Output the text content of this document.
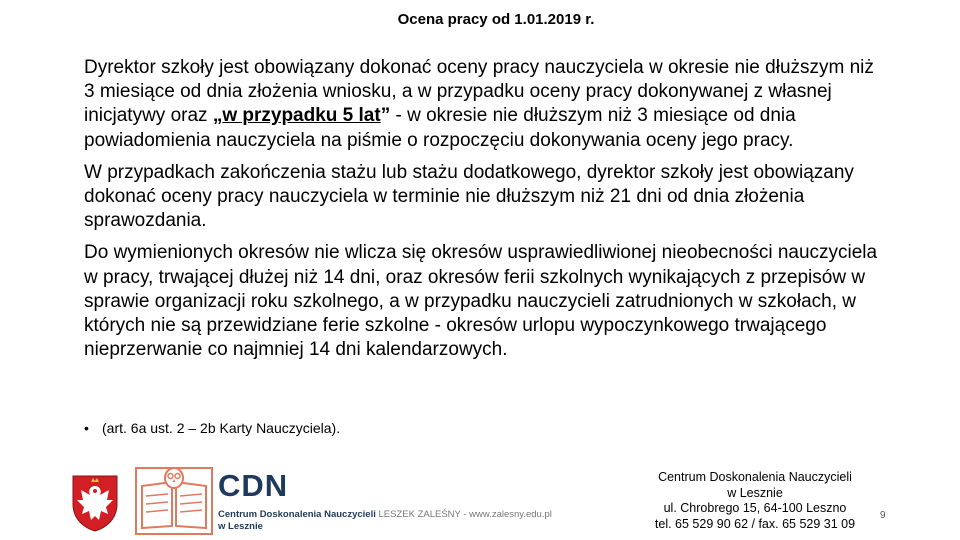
Ocena pracy od 1.01.2019 r.

Dyrektor szkoły jest obowiązany dokonać oceny pracy nauczyciela w okresie nie dłuższym niż 3 miesiące od dnia złożenia wniosku, a w przypadku oceny pracy dokonywanej z własnej inicjatywy oraz „w przypadku 5 lat” - w okresie nie dłuższym niż 3 miesiące od dnia powiadomienia nauczyciela na piśmie o rozpoczęciu dokonywania oceny jego pracy.

W przypadkach zakończenia stażu lub stażu dodatkowego, dyrektor szkoły jest obowiązany dokonać oceny pracy nauczyciela w terminie nie dłuższym niż 21 dni od dnia złożenia sprawozdania.

Do wymienionych okresów nie wlicza się okresów usprawiedliwionej nieobecności nauczyciela w pracy, trwającej dłużej niż 14 dni, oraz okresów ferii szkolnych wynikających z przepisów w sprawie organizacji roku szkolnego, a w przypadku nauczycieli zatrudnionych w szkołach, w których nie są przewidziane ferie szkolne - okresów urlopu wypoczynkowego trwającego nieprzerwanie co najmniej 14 dni kalendarzowych.

• (art. 6a ust. 2 – 2b Karty Nauczyciela).
CDN
Centrum Doskonalenia Nauczycieli LESZEK ZALEŚNY - www.zalesny.edu.pl
w Lesznie
Centrum Doskonalenia Nauczycieli
w Lesznie
ul. Chrobrego 15, 64-100 Leszno
tel. 65 529 90 62 / fax. 65 529 31 09
9
